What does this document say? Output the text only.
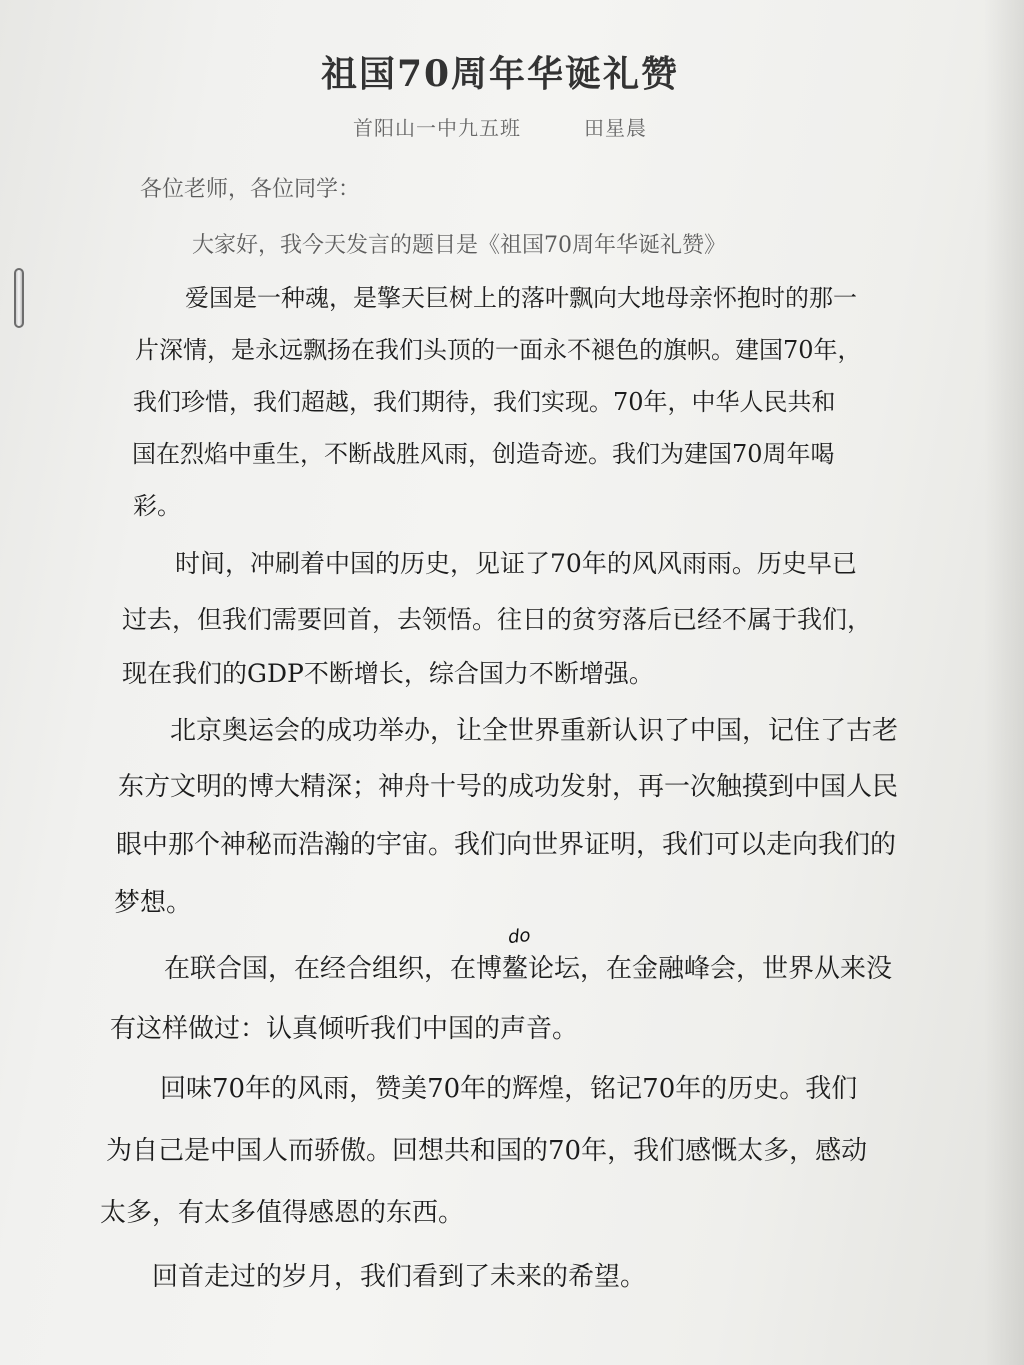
祖国70周年华诞礼赞
首阳山一中九五班　　　田星晨

各位老师，各位同学：

大家好，我今天发言的题目是《祖国70周年华诞礼赞》

爱国是一种魂，是擎天巨树上的落叶飘向大地母亲怀抱时的那一

片深情，是永远飘扬在我们头顶的一面永不褪色的旗帜。建国70年，

我们珍惜，我们超越，我们期待，我们实现。70年，中华人民共和

国在烈焰中重生，不断战胜风雨，创造奇迹。我们为建国70周年喝

彩。

时间，冲刷着中国的历史，见证了70年的风风雨雨。历史早已

过去，但我们需要回首，去领悟。往日的贫穷落后已经不属于我们，

现在我们的GDP不断增长，综合国力不断增强。

北京奥运会的成功举办，让全世界重新认识了中国，记住了古老

东方文明的博大精深；神舟十号的成功发射，再一次触摸到中国人民

眼中那个神秘而浩瀚的宇宙。我们向世界证明，我们可以走向我们的

梦想。

do

在联合国，在经合组织，在博鳌论坛，在金融峰会，世界从来没

有这样做过：认真倾听我们中国的声音。

回味70年的风雨，赞美70年的辉煌，铭记70年的历史。我们

为自己是中国人而骄傲。回想共和国的70年，我们感慨太多，感动

太多，有太多值得感恩的东西。

回首走过的岁月，我们看到了未来的希望。
